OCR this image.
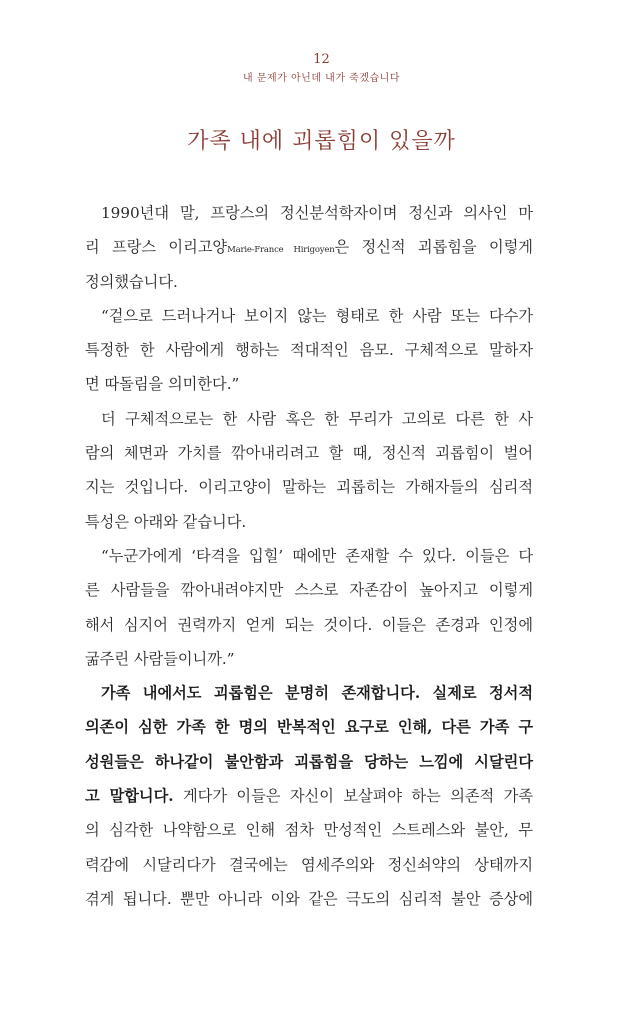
12
내 문제가 아닌데 내가 죽겠습니다
가족 내에 괴롭힘이 있을까
1990년대 말, 프랑스의 정신분석학자이며 정신과 의사인 마
리 프랑스 이리고양Marie-France Hirigoyen은 정신적 괴롭힘을 이렇게
정의했습니다.
“겉으로 드러나거나 보이지 않는 형태로 한 사람 또는 다수가
특정한 한 사람에게 행하는 적대적인 음모. 구체적으로 말하자
면 따돌림을 의미한다.”
더 구체적으로는 한 사람 혹은 한 무리가 고의로 다른 한 사
람의 체면과 가치를 깎아내리려고 할 때, 정신적 괴롭힘이 벌어
지는 것입니다. 이리고양이 말하는 괴롭히는 가해자들의 심리적
특성은 아래와 같습니다.
“누군가에게 ‘타격을 입힐’ 때에만 존재할 수 있다. 이들은 다
른 사람들을 깎아내려야지만 스스로 자존감이 높아지고 이렇게
해서 심지어 권력까지 얻게 되는 것이다. 이들은 존경과 인정에
굶주린 사람들이니까.”
가족 내에서도 괴롭힘은 분명히 존재합니다. 실제로 정서적
의존이 심한 가족 한 명의 반복적인 요구로 인해, 다른 가족 구
성원들은 하나같이 불안함과 괴롭힘을 당하는 느낌에 시달린다
고 말합니다. 게다가 이들은 자신이 보살펴야 하는 의존적 가족
의 심각한 나약함으로 인해 점차 만성적인 스트레스와 불안, 무
력감에 시달리다가 결국에는 염세주의와 정신쇠약의 상태까지
겪게 됩니다. 뿐만 아니라 이와 같은 극도의 심리적 불안 증상에
